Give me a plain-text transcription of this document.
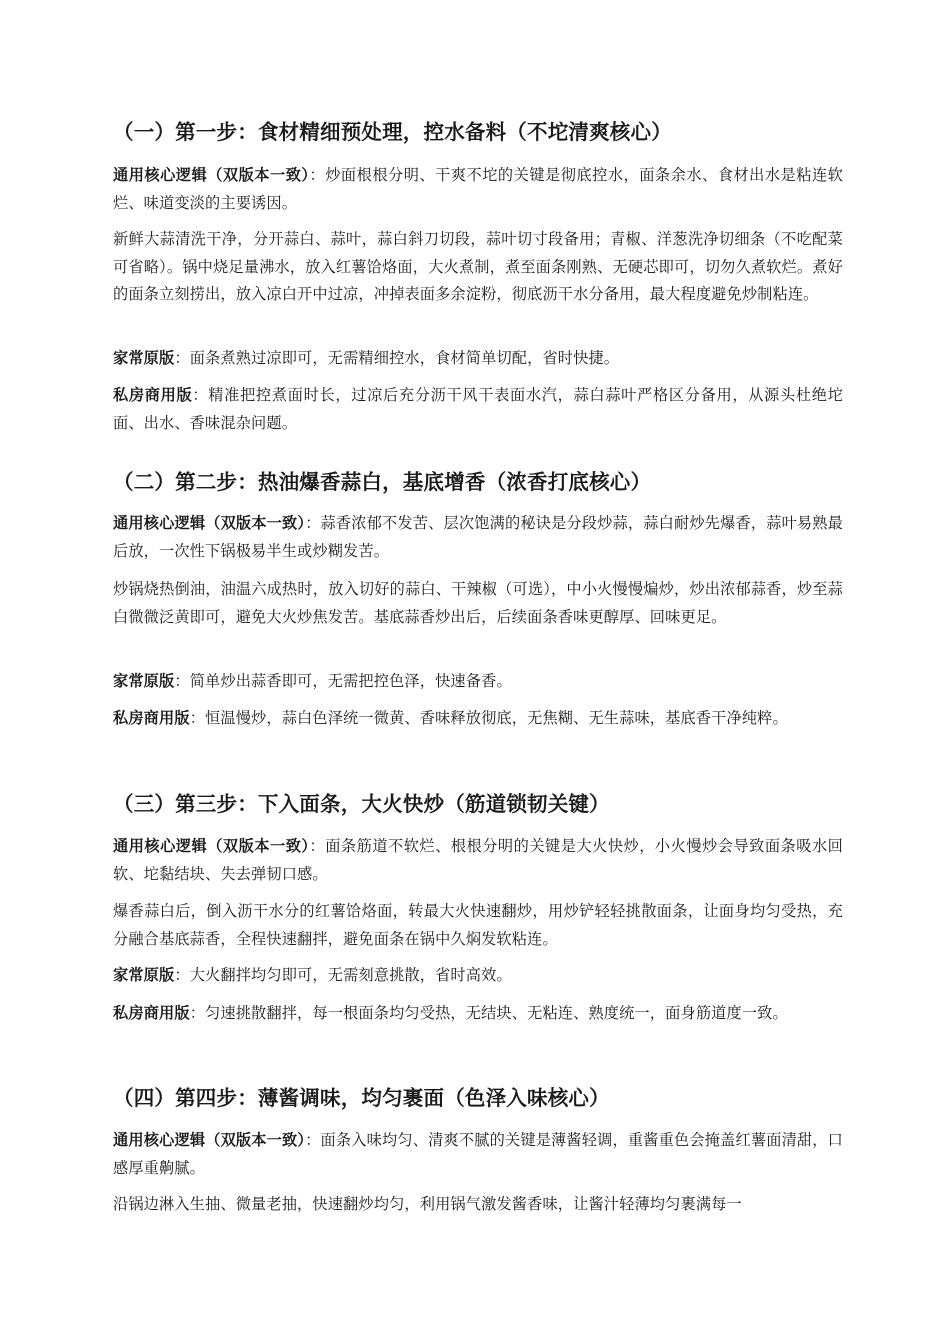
（一）第一步：食材精细预处理，控水备料（不坨清爽核心）

通用核心逻辑（双版本一致）：炒面根根分明、干爽不坨的关键是彻底控水，面条余水、食材出水是粘连软烂、味道变淡的主要诱因。

新鲜大蒜清洗干净，分开蒜白、蒜叶，蒜白斜刀切段，蒜叶切寸段备用；青椒、洋葱洗净切细条（不吃配菜可省略）。锅中烧足量沸水，放入红薯饸烙面，大火煮制，煮至面条刚熟、无硬芯即可，切勿久煮软烂。煮好的面条立刻捞出，放入凉白开中过凉，冲掉表面多余淀粉，彻底沥干水分备用，最大程度避免炒制粘连。

家常原版：面条煮熟过凉即可，无需精细控水，食材简单切配，省时快捷。

私房商用版：精准把控煮面时长，过凉后充分沥干风干表面水汽，蒜白蒜叶严格区分备用，从源头杜绝坨面、出水、香味混杂问题。

（二）第二步：热油爆香蒜白，基底增香（浓香打底核心）

通用核心逻辑（双版本一致）：蒜香浓郁不发苦、层次饱满的秘诀是分段炒蒜，蒜白耐炒先爆香，蒜叶易熟最后放，一次性下锅极易半生或炒糊发苦。

炒锅烧热倒油，油温六成热时，放入切好的蒜白、干辣椒（可选），中小火慢慢煸炒，炒出浓郁蒜香，炒至蒜白微微泛黄即可，避免大火炒焦发苦。基底蒜香炒出后，后续面条香味更醇厚、回味更足。

家常原版：简单炒出蒜香即可，无需把控色泽，快速备香。

私房商用版：恒温慢炒，蒜白色泽统一微黄、香味释放彻底，无焦糊、无生蒜味，基底香干净纯粹。

（三）第三步：下入面条，大火快炒（筋道锁韧关键）

通用核心逻辑（双版本一致）：面条筋道不软烂、根根分明的关键是大火快炒，小火慢炒会导致面条吸水回软、坨黏结块、失去弹韧口感。

爆香蒜白后，倒入沥干水分的红薯饸烙面，转最大火快速翻炒，用炒铲轻轻挑散面条，让面身均匀受热，充分融合基底蒜香，全程快速翻拌，避免面条在锅中久焖发软粘连。

家常原版：大火翻拌均匀即可，无需刻意挑散，省时高效。

私房商用版：匀速挑散翻拌，每一根面条均匀受热，无结块、无粘连、熟度统一，面身筋道度一致。

（四）第四步：薄酱调味，均匀裹面（色泽入味核心）

通用核心逻辑（双版本一致）：面条入味均匀、清爽不腻的关键是薄酱轻调，重酱重色会掩盖红薯面清甜，口感厚重齁腻。

沿锅边淋入生抽、微量老抽，快速翻炒均匀，利用锅气激发酱香味，让酱汁轻薄均匀裹满每一
